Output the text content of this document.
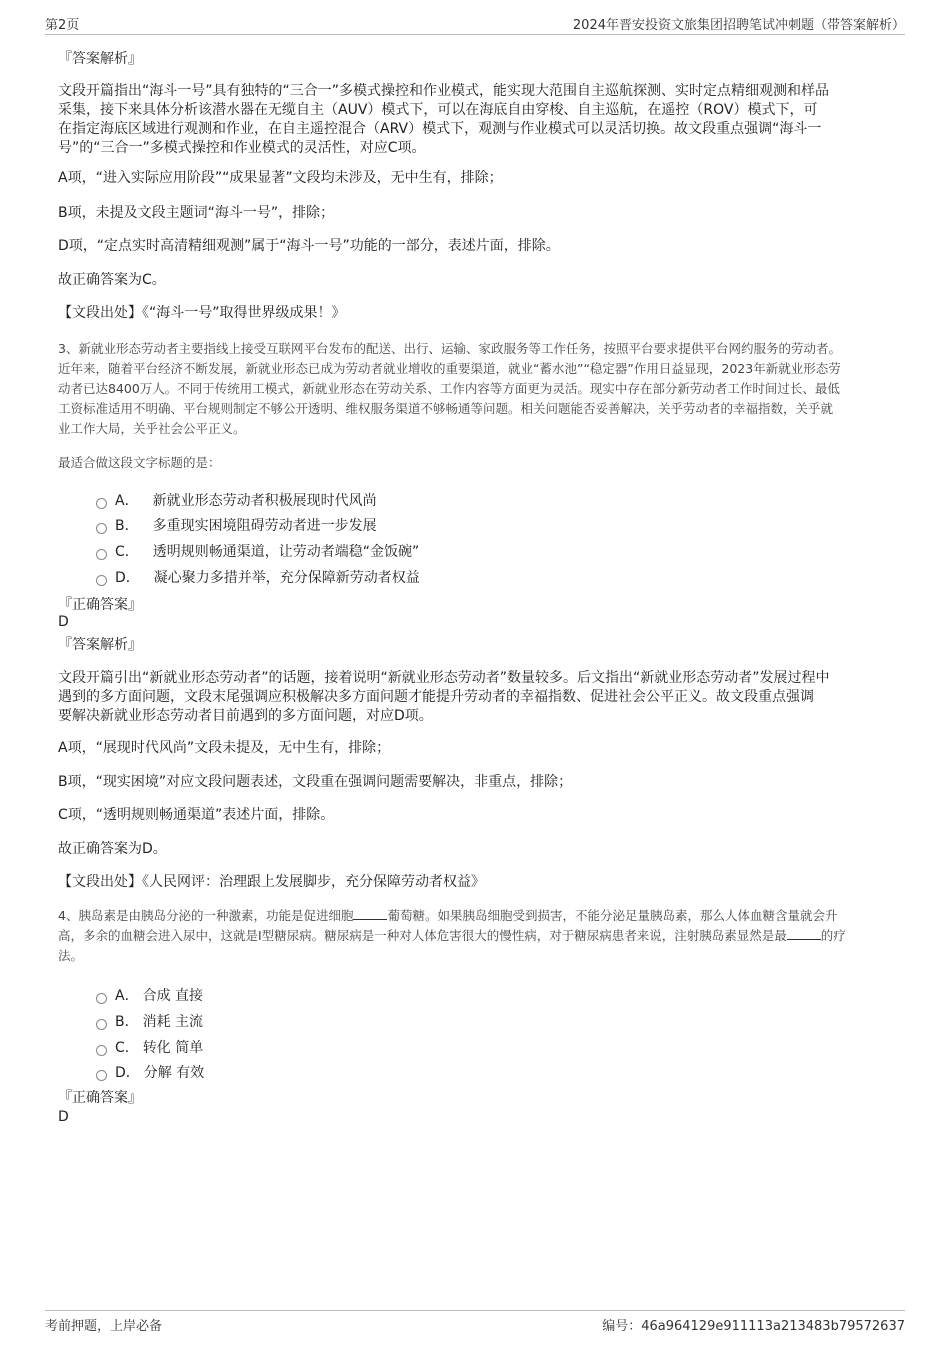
第2页	2024年晋安投资文旅集团招聘笔试冲刺题（带答案解析）
『答案解析』
文段开篇指出“海斗一号”具有独特的“三合一”多模式操控和作业模式，能实现大范围自主巡航探测、实时定点精细观测和样品
采集，接下来具体分析该潜水器在无缆自主（AUV）模式下，可以在海底自由穿梭、自主巡航，在遥控（ROV）模式下，可
在指定海底区域进行观测和作业，在自主遥控混合（ARV）模式下，观测与作业模式可以灵活切换。故文段重点强调“海斗一
号”的“三合一”多模式操控和作业模式的灵活性，对应C项。
A项，“进入实际应用阶段”“成果显著”文段均未涉及，无中生有，排除；
B项，未提及文段主题词“海斗一号”，排除；
D项，“定点实时高清精细观测”属于“海斗一号”功能的一部分，表述片面，排除。
故正确答案为C。
【文段出处】《“海斗一号”取得世界级成果！》
3、新就业形态劳动者主要指线上接受互联网平台发布的配送、出行、运输、家政服务等工作任务，按照平台要求提供平台网约服务的劳动者。
近年来，随着平台经济不断发展，新就业形态已成为劳动者就业增收的重要渠道，就业“蓄水池”“稳定器”作用日益显现，2023年新就业形态劳
动者已达8400万人。不同于传统用工模式，新就业形态在劳动关系、工作内容等方面更为灵活。现实中存在部分新劳动者工作时间过长、最低
工资标准适用不明确、平台规则制定不够公开透明、维权服务渠道不够畅通等问题。相关问题能否妥善解决，关乎劳动者的幸福指数，关乎就
业工作大局，关乎社会公平正义。
最适合做这段文字标题的是：
A． 新就业形态劳动者积极展现时代风尚
B． 多重现实困境阻碍劳动者进一步发展
C． 透明规则畅通渠道，让劳动者端稳“金饭碗”
D． 凝心聚力多措并举，充分保障新劳动者权益
『正确答案』
D
『答案解析』
文段开篇引出“新就业形态劳动者”的话题，接着说明“新就业形态劳动者”数量较多。后文指出“新就业形态劳动者”发展过程中
遇到的多方面问题，文段末尾强调应积极解决多方面问题才能提升劳动者的幸福指数、促进社会公平正义。故文段重点强调
要解决新就业形态劳动者目前遇到的多方面问题，对应D项。
A项，“展现时代风尚”文段未提及，无中生有，排除；
B项，“现实困境”对应文段问题表述，文段重在强调问题需要解决，非重点，排除；
C项，“透明规则畅通渠道”表述片面，排除。
故正确答案为D。
【文段出处】《人民网评：治理跟上发展脚步，充分保障劳动者权益》
4、胰岛素是由胰岛分泌的一种激素，功能是促进细胞	葡萄糖。如果胰岛细胞受到损害，不能分泌足量胰岛素，那么人体血糖含量就会升
高，多余的血糖会进入尿中，这就是I型糖尿病。糖尿病是一种对人体危害很大的慢性病，对于糖尿病患者来说，注射胰岛素显然是最	的疗
法。
A． 合成 直接
B． 消耗 主流
C． 转化 简单
D． 分解 有效
『正确答案』
D
考前押题，上岸必备	编号：46a964129e911113a213483b79572637
